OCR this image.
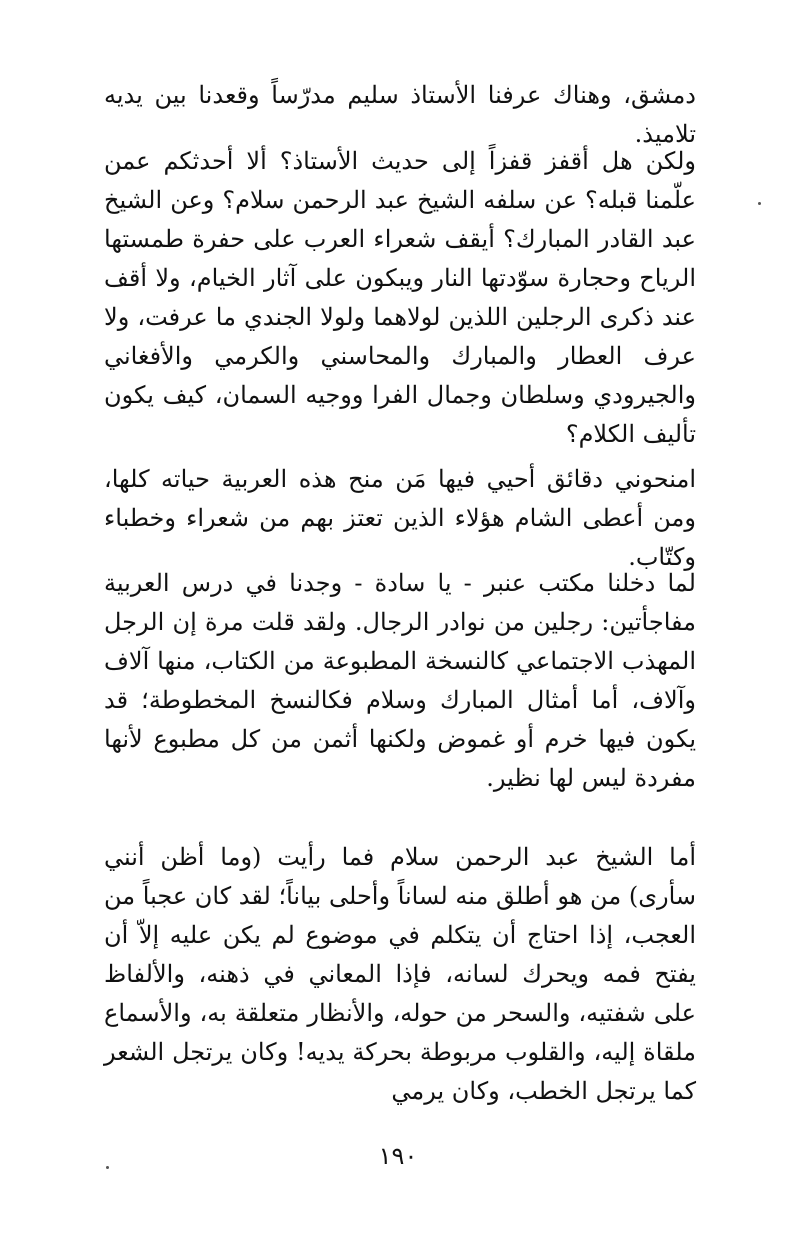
دمشق، وهناك عرفنا الأستاذ سليم مدرّساً وقعدنا بين يديه تلاميذ.

ولكن هل أقفز قفزاً إلى حديث الأستاذ؟ ألا أحدثكم عمن علّمنا قبله؟ عن سلفه الشيخ عبد الرحمن سلام؟ وعن الشيخ عبد القادر المبارك؟ أيقف شعراء العرب على حفرة طمستها الرياح وحجارة سوّدتها النار ويبكون على آثار الخيام، ولا أقف عند ذكرى الرجلين اللذين لولاهما ولولا الجندي ما عرفت، ولا عرف العطار والمبارك والمحاسني والكرمي والأفغاني والجيرودي وسلطان وجمال الفرا ووجيه السمان، كيف يكون تأليف الكلام؟

امنحوني دقائق أحيي فيها مَن منح هذه العربية حياته كلها، ومن أعطى الشام هؤلاء الذين تعتز بهم من شعراء وخطباء وكتّاب.

لما دخلنا مكتب عنبر - يا سادة - وجدنا في درس العربية مفاجأتين: رجلين من نوادر الرجال. ولقد قلت مرة إن الرجل المهذب الاجتماعي كالنسخة المطبوعة من الكتاب، منها آلاف وآلاف، أما أمثال المبارك وسلام فكالنسخ المخطوطة؛ قد يكون فيها خرم أو غموض ولكنها أثمن من كل مطبوع لأنها مفردة ليس لها نظير.

أما الشيخ عبد الرحمن سلام فما رأيت (وما أظن أنني سأرى) من هو أطلق منه لساناً وأحلى بياناً؛ لقد كان عجباً من العجب، إذا احتاج أن يتكلم في موضوع لم يكن عليه إلاّ أن يفتح فمه ويحرك لسانه، فإذا المعاني في ذهنه، والألفاظ على شفتيه، والسحر من حوله، والأنظار متعلقة به، والأسماع ملقاة إليه، والقلوب مربوطة بحركة يديه! وكان يرتجل الشعر كما يرتجل الخطب، وكان يرمي

١٩٠
